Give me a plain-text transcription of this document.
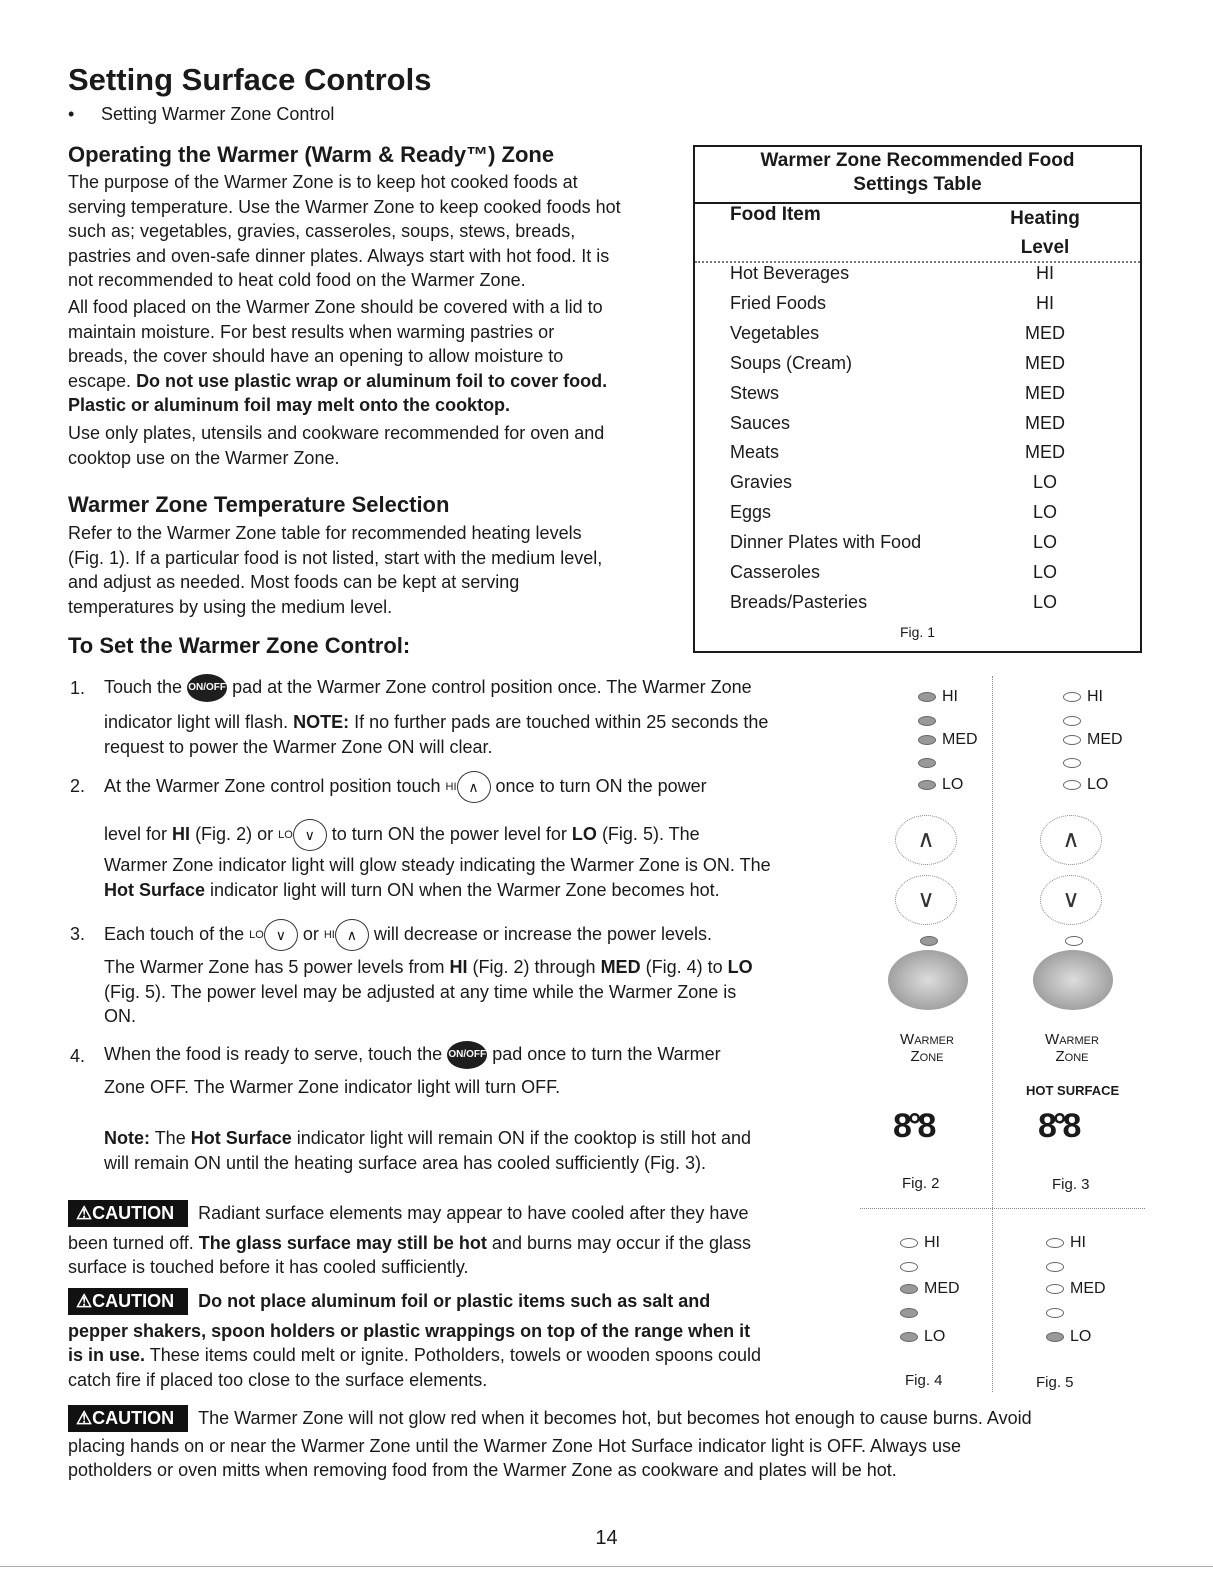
Setting Surface Controls
• Setting Warmer Zone Control
Operating the Warmer (Warm & Ready™) Zone
The purpose of the Warmer Zone is to keep hot cooked foods at
serving temperature. Use the Warmer Zone to keep cooked foods hot
such as; vegetables, gravies, casseroles, soups, stews, breads,
pastries and oven-safe dinner plates. Always start with hot food. It is
not recommended to heat cold food on the Warmer Zone.
All food placed on the Warmer Zone should be covered with a lid to
maintain moisture. For best results when warming pastries or
breads, the cover should have an opening to allow moisture to
escape. Do not use plastic wrap or aluminum foil to cover food.
Plastic or aluminum foil may melt onto the cooktop.
Use only plates, utensils and cookware recommended for oven and
cooktop use on the Warmer Zone.
Warmer Zone Temperature Selection
Refer to the Warmer Zone table for recommended heating levels
(Fig. 1). If a particular food is not listed, start with the medium level,
and adjust as needed. Most foods can be kept at serving
temperatures by using the medium level.
To Set the Warmer Zone Control:
Warmer Zone Recommended Food
Settings Table
Food Item	Heating
Level
Hot Beverages	HI
Fried Foods	HI
Vegetables	MED
Soups (Cream)	MED
Stews	MED
Sauces	MED
Meats	MED
Gravies	LO
Eggs	LO
Dinner Plates with Food	LO
Casseroles	LO
Breads/Pasteries	LO
Fig. 1
1. Touch the ON/OFF pad at the Warmer Zone control position once. The Warmer Zone
indicator light will flash. NOTE: If no further pads are touched within 25 seconds the
request to power the Warmer Zone ON will clear.
2. At the Warmer Zone control position touch HI ∧ once to turn ON the power
level for HI (Fig. 2) or LO ∨ to turn ON the power level for LO (Fig. 5). The
Warmer Zone indicator light will glow steady indicating the Warmer Zone is ON. The
Hot Surface indicator light will turn ON when the Warmer Zone becomes hot.
3. Each touch of the LO ∨ or HI ∧ will decrease or increase the power levels.
The Warmer Zone has 5 power levels from HI (Fig. 2) through MED (Fig. 4) to LO
(Fig. 5). The power level may be adjusted at any time while the Warmer Zone is
ON.
4. When the food is ready to serve, touch the ON/OFF pad once to turn the Warmer
Zone OFF. The Warmer Zone indicator light will turn OFF.
Note: The Hot Surface indicator light will remain ON if the cooktop is still hot and
will remain ON until the heating surface area has cooled sufficiently (Fig. 3).
⚠CAUTION Radiant surface elements may appear to have cooled after they have
been turned off. The glass surface may still be hot and burns may occur if the glass
surface is touched before it has cooled sufficiently.
⚠CAUTION Do not place aluminum foil or plastic items such as salt and
pepper shakers, spoon holders or plastic wrappings on top of the range when it
is in use. These items could melt or ignite. Potholders, towels or wooden spoons could
catch fire if placed too close to the surface elements.
⚠CAUTION The Warmer Zone will not glow red when it becomes hot, but becomes hot enough to cause burns. Avoid
placing hands on or near the Warmer Zone until the Warmer Zone Hot Surface indicator light is OFF. Always use
potholders or oven mitts when removing food from the Warmer Zone as cookware and plates will be hot.
HI
MED
LO
∧
∨
Warmer
Zone
8°8
Fig. 2
HI
MED
LO
∧
∨
Warmer
Zone
HOT SURFACE
8°8
Fig. 3
HI
MED
LO
Fig. 4
HI
MED
LO
Fig. 5
14
